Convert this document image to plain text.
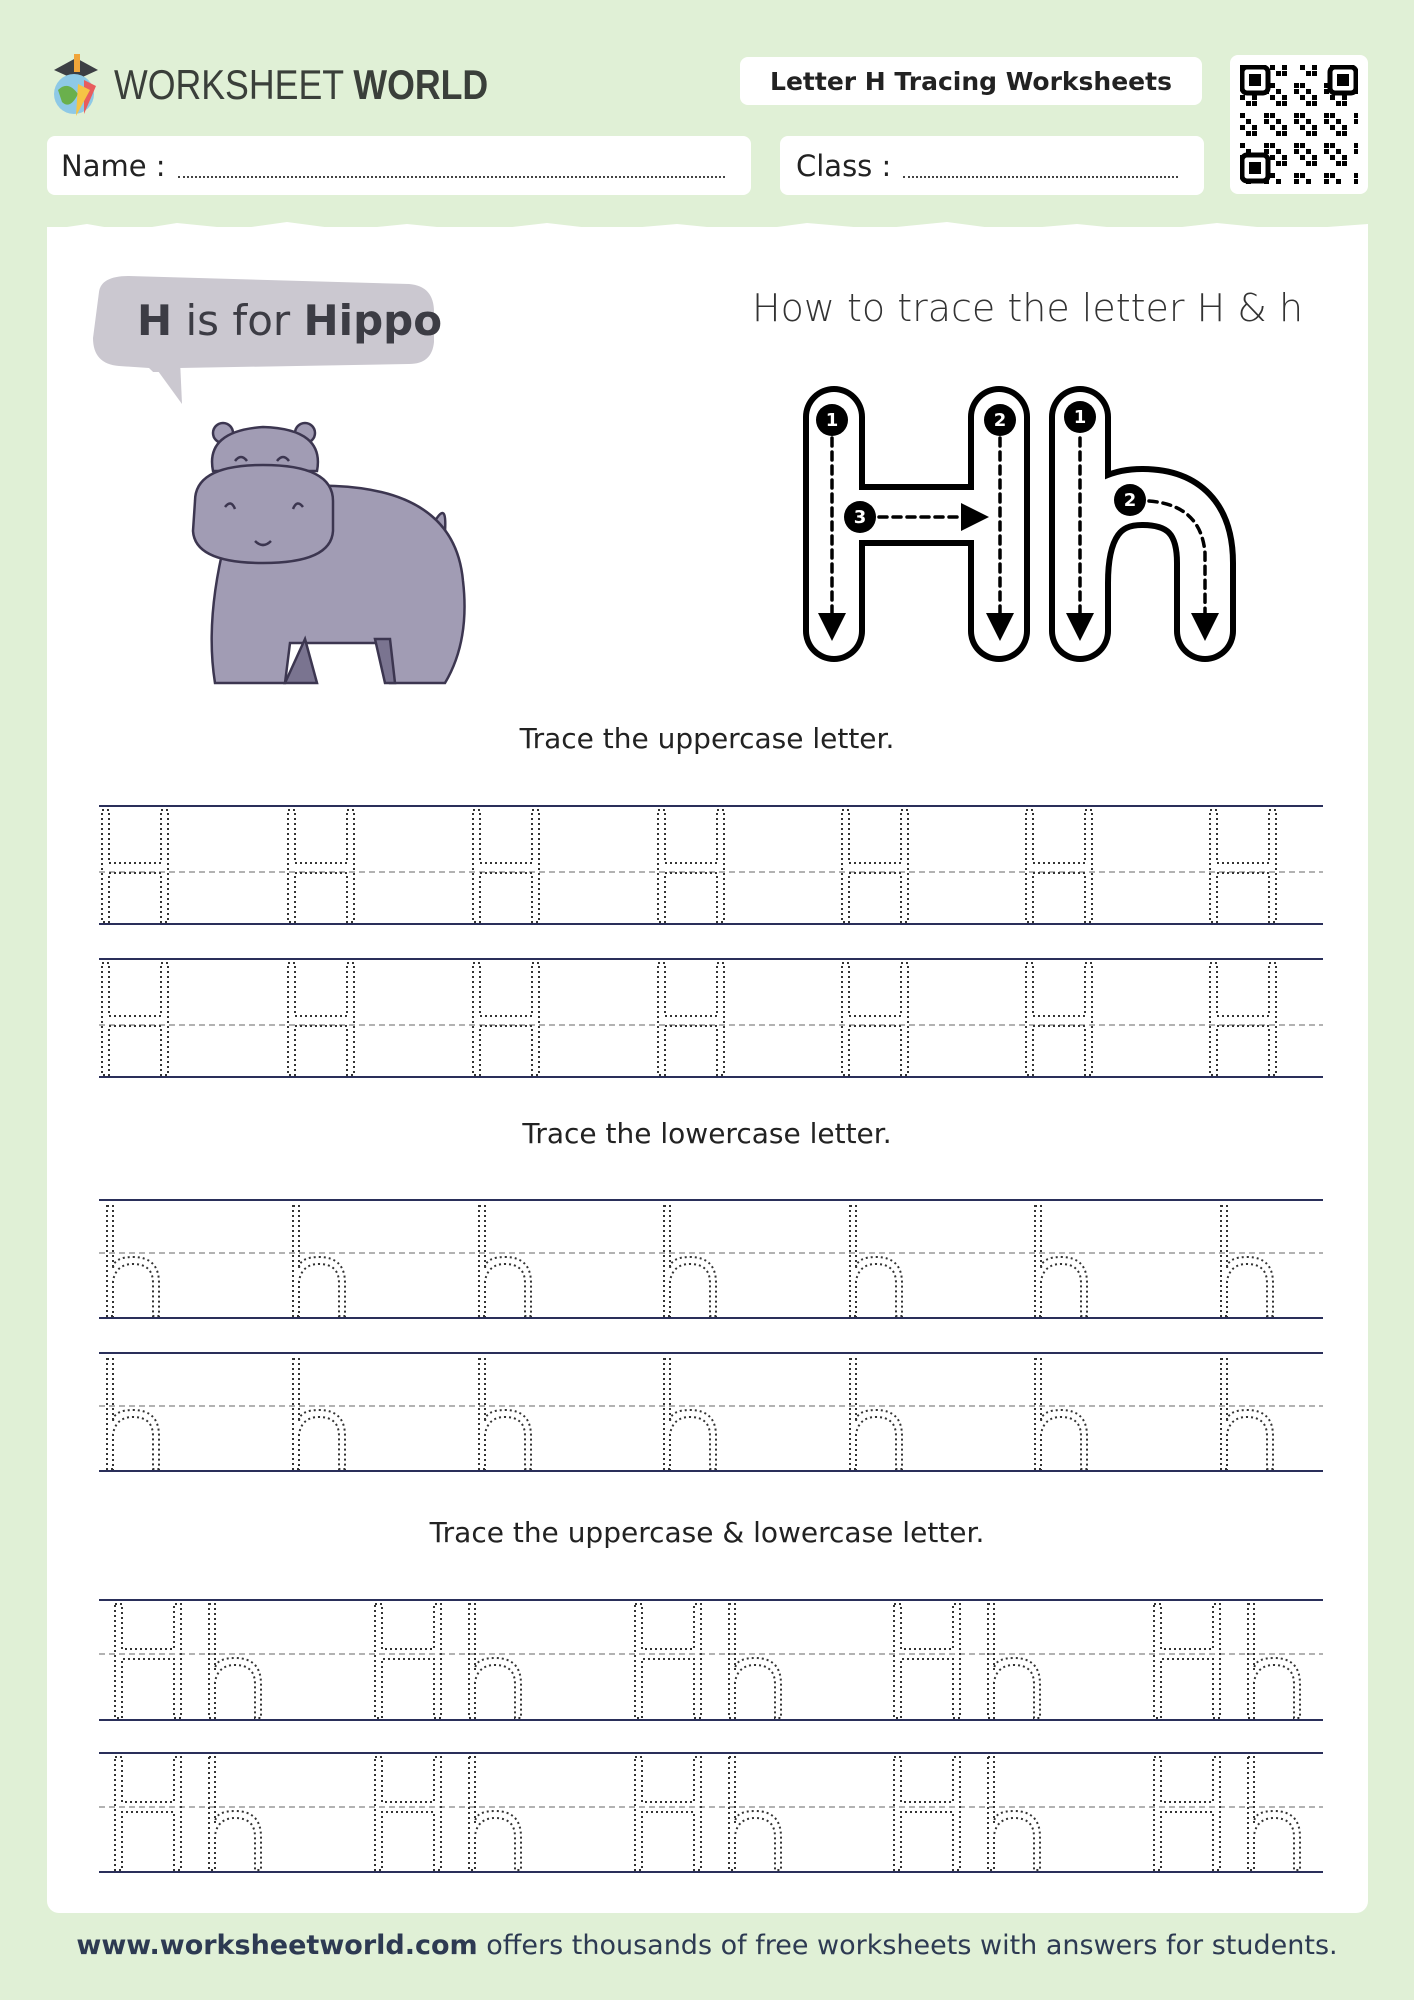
WORKSHEET WORLD	Letter H Tracing Worksheets
Name :	Class :
H is for Hippo	How to trace the letter H & h
1	2
3
1
2
Trace the uppercase letter.
Trace the lowercase letter.
Trace the uppercase & lowercase letter.
www.worksheetworld.com offers thousands of free worksheets with answers for students.
